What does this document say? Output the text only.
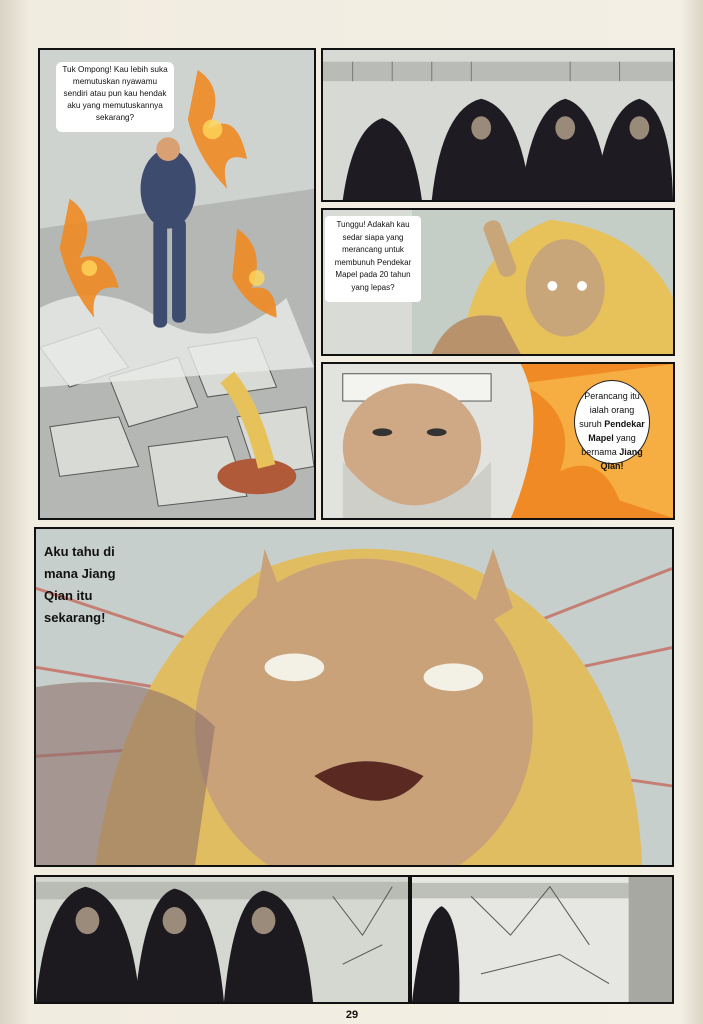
Tuk Ompong! Kau lebih suka memutuskan nyawamu sendiri atau pun kau hendak aku yang memutuskannya sekarang?
Tunggu! Adakah kau sedar siapa yang merancang untuk membunuh Pendekar Mapel pada 20 tahun yang lepas?
Perancang itu ialah orang suruh Pendekar Mapel yang bernama Jiang Qian!
Aku tahu di mana Jiang Qian itu sekarang!
29
